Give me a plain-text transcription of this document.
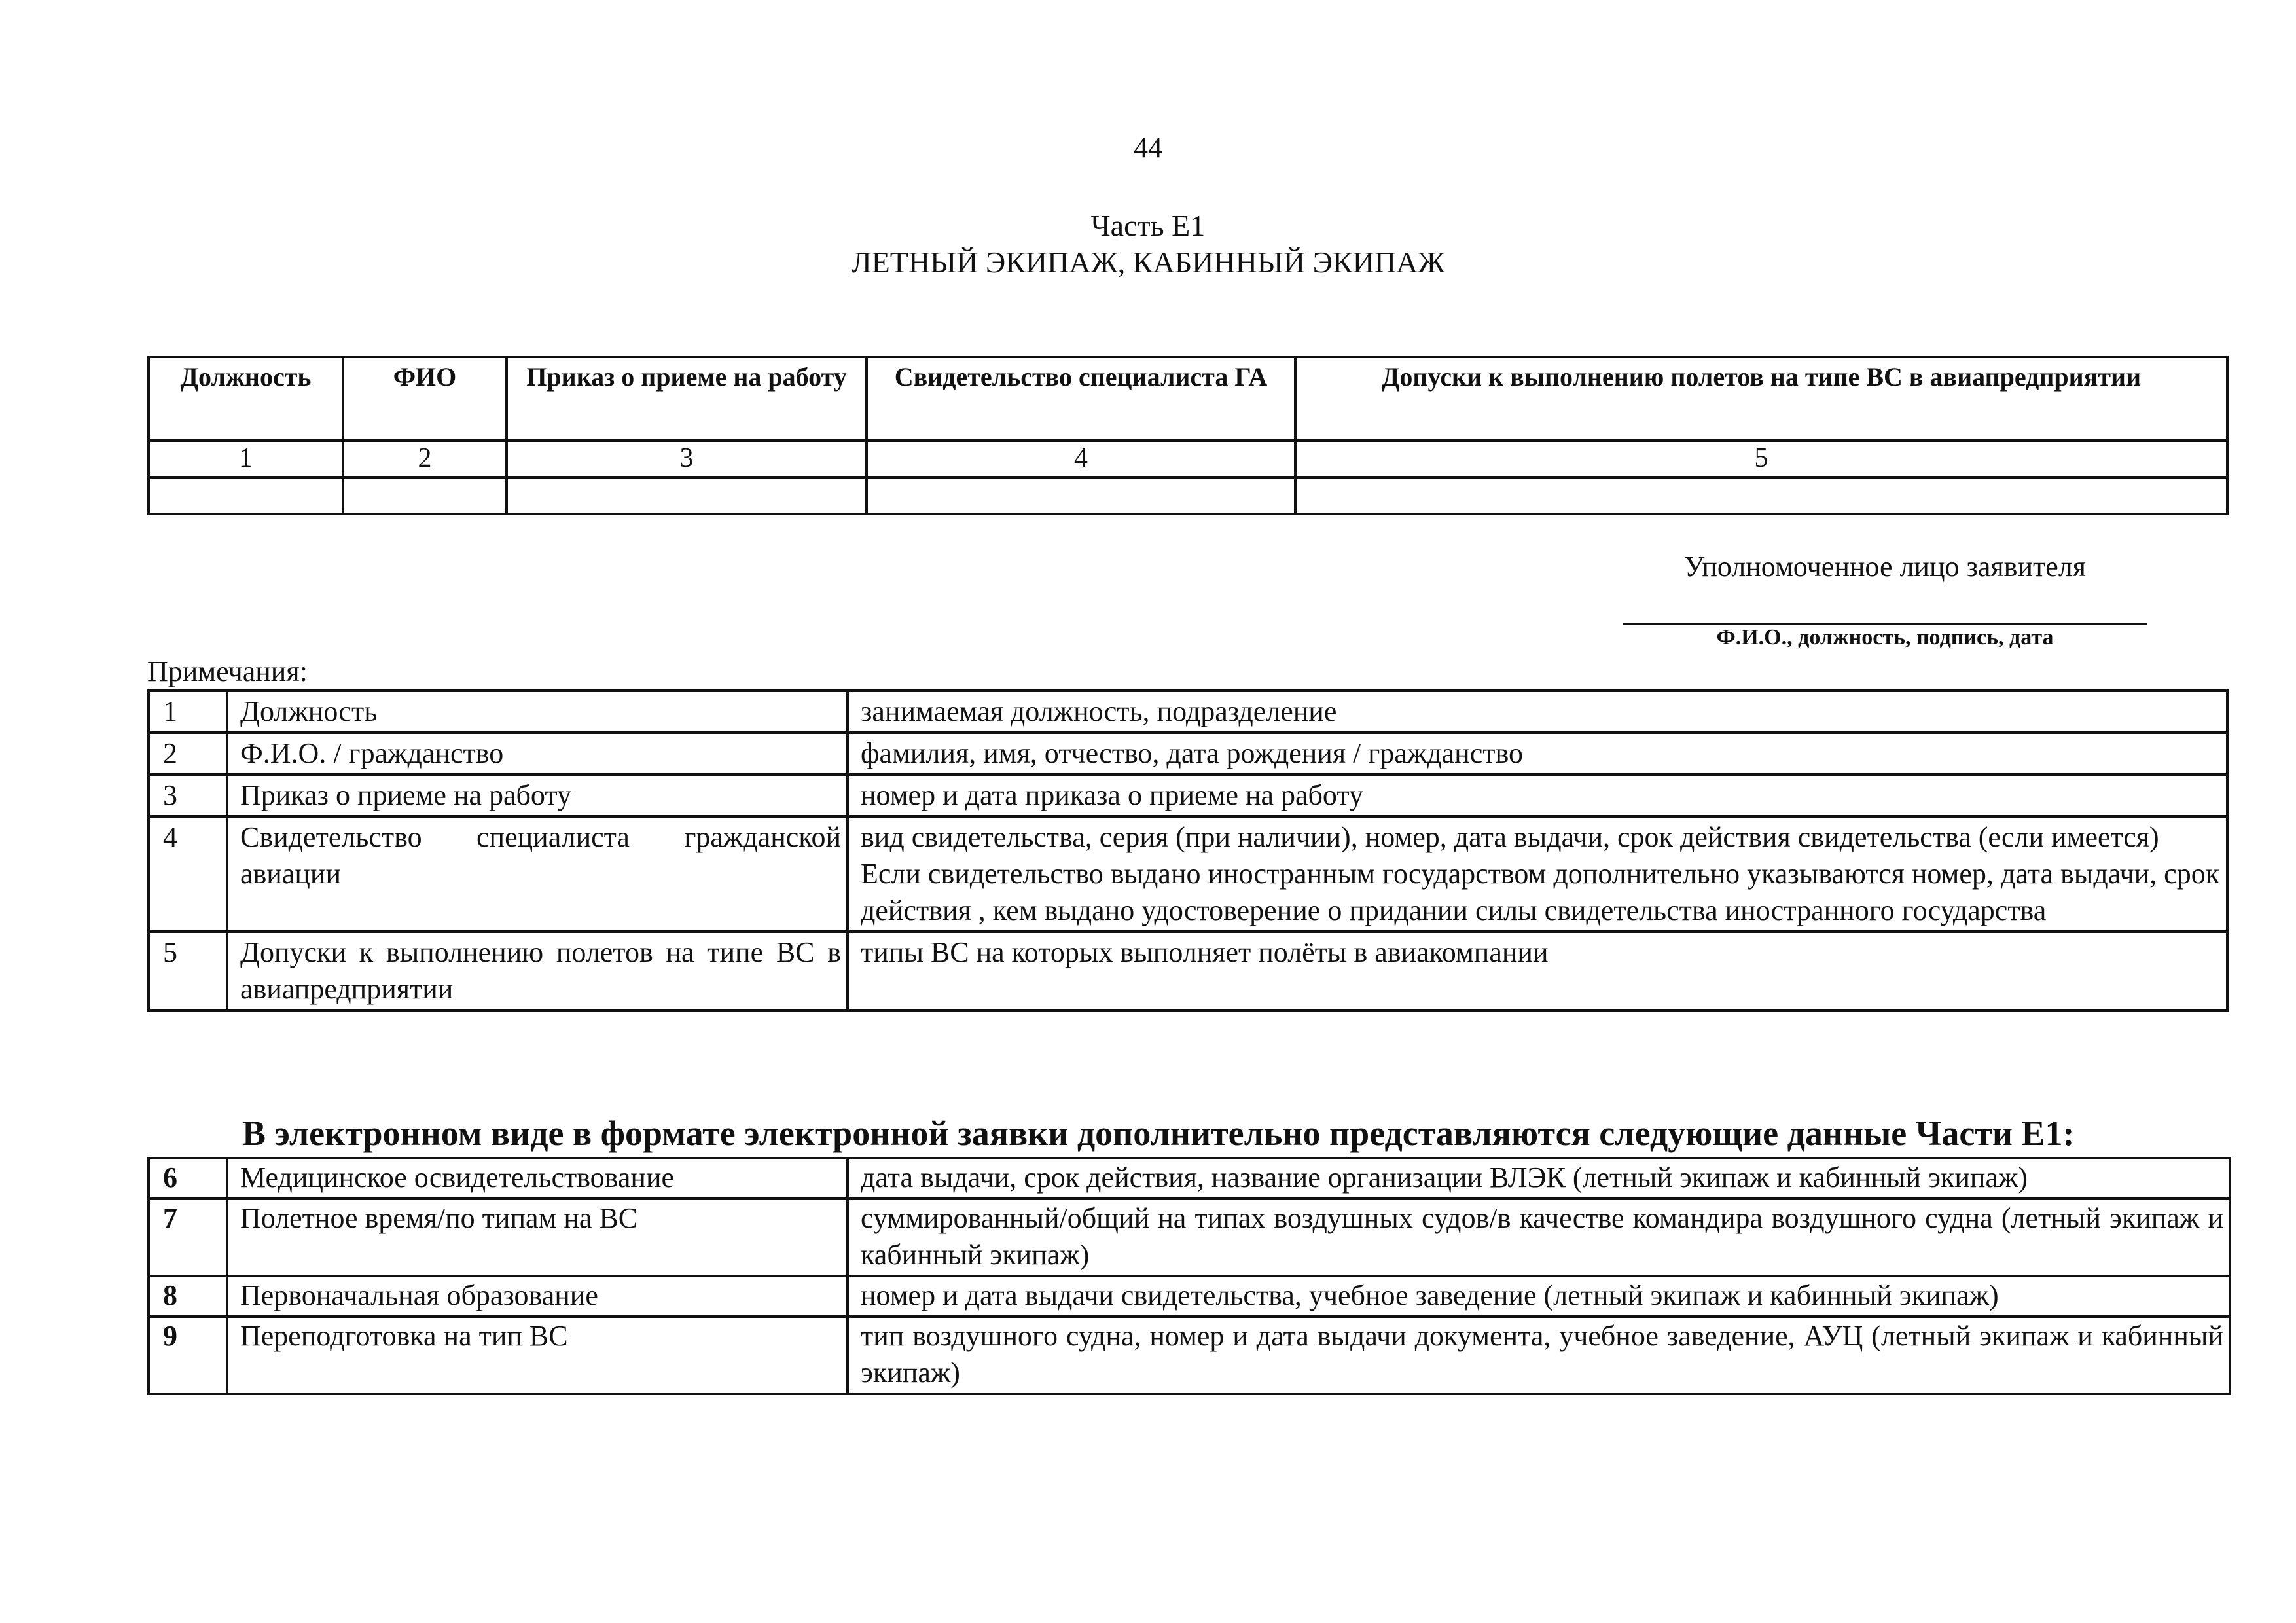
44
Часть Е1
ЛЕТНЫЙ ЭКИПАЖ, КАБИННЫЙ ЭКИПАЖ
Должность	ФИО	Приказ о приеме на работу	Свидетельство специалиста ГА	Допуски к выполнению полетов на типе ВС в авиапредприятии
1	2	3	4	5

Уполномоченное лицо заявителя
Ф.И.О., должность, подпись, дата
Примечания:
1	Должность	занимаемая должность, подразделение
2	Ф.И.О. / гражданство	фамилия, имя, отчество, дата рождения / гражданство
3	Приказ о приеме на работу	номер и дата приказа о приеме на работу
4	Свидетельство специалиста гражданской авиации	вид свидетельства, серия (при наличии), номер, дата выдачи, срок действия свидетельства (если имеется)
Если свидетельство выдано иностранным государством дополнительно указываются номер, дата выдачи, срок действия , кем выдано удостоверение о придании силы свидетельства иностранного государства

5	Допуски к выполнению полетов на типе ВС в авиапредприятии	типы ВС на которых выполняет полёты в авиакомпании
В электронном виде в формате электронной заявки дополнительно представляются следующие данные Части Е1:
6	Медицинское освидетельствование	дата выдачи, срок действия, название организации ВЛЭК (летный экипаж и кабинный экипаж)
7	Полетное время/по типам на ВС	суммированный/общий на типах воздушных судов/в качестве командира воздушного судна (летный экипаж и кабинный экипаж)
8	Первоначальная образование	номер и дата выдачи свидетельства, учебное заведение (летный экипаж и кабинный экипаж)
9	Переподготовка на тип ВС	тип воздушного судна, номер и дата выдачи документа, учебное заведение, АУЦ (летный экипаж и кабинный экипаж)
